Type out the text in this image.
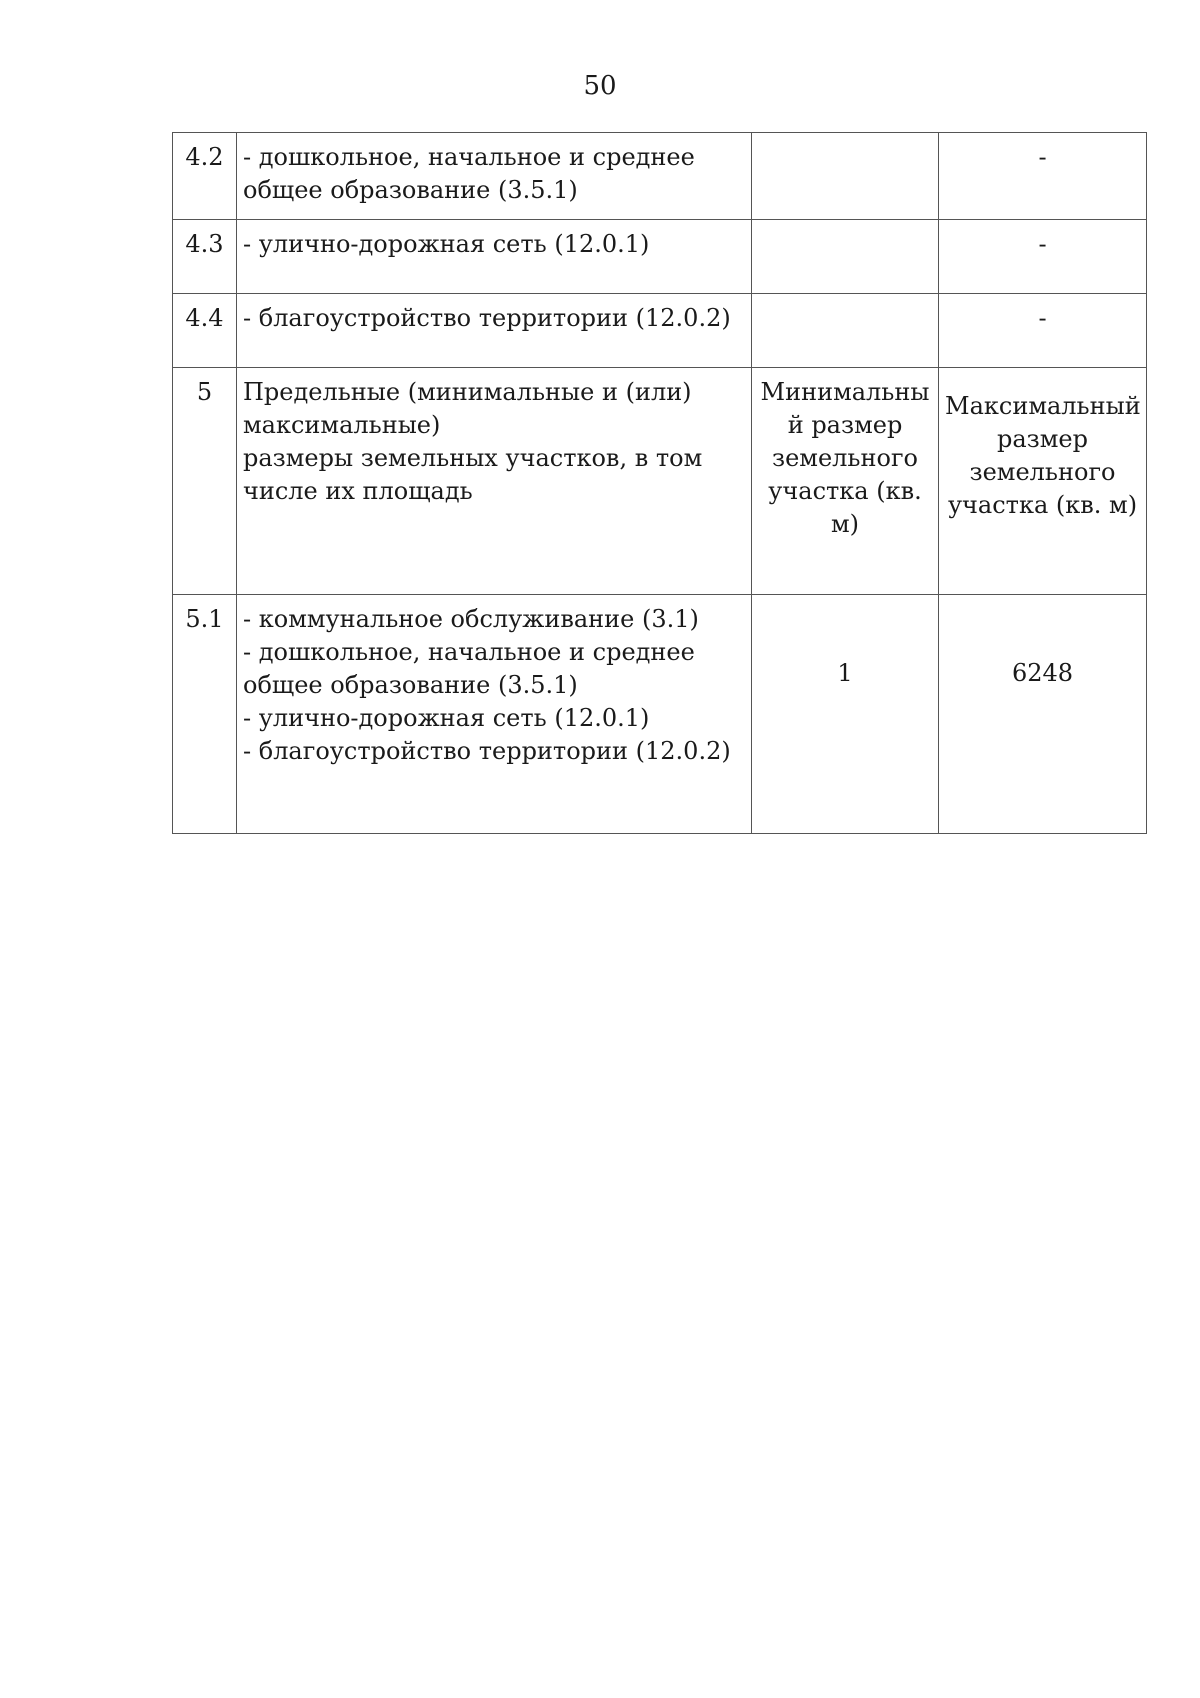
50
4.2	- дошкольное, начальное и среднее
общее образование (3.5.1)		-
4.3	- улично-дорожная сеть (12.0.1)		-
4.4	- благоустройство территории (12.0.2)		-
5	Предельные (минимальные и (или)
максимальные)
размеры земельных участков, в том
числе их площадь	Минимальны
й размер
земельного
участка (кв.
м)	Максимальный
размер
земельного
участка (кв. м)

5.1	- коммунальное обслуживание (3.1)
- дошкольное, начальное и среднее
общее образование (3.5.1)
- улично-дорожная сеть (12.0.1)
- благоустройство территории (12.0.2)	1	6248
